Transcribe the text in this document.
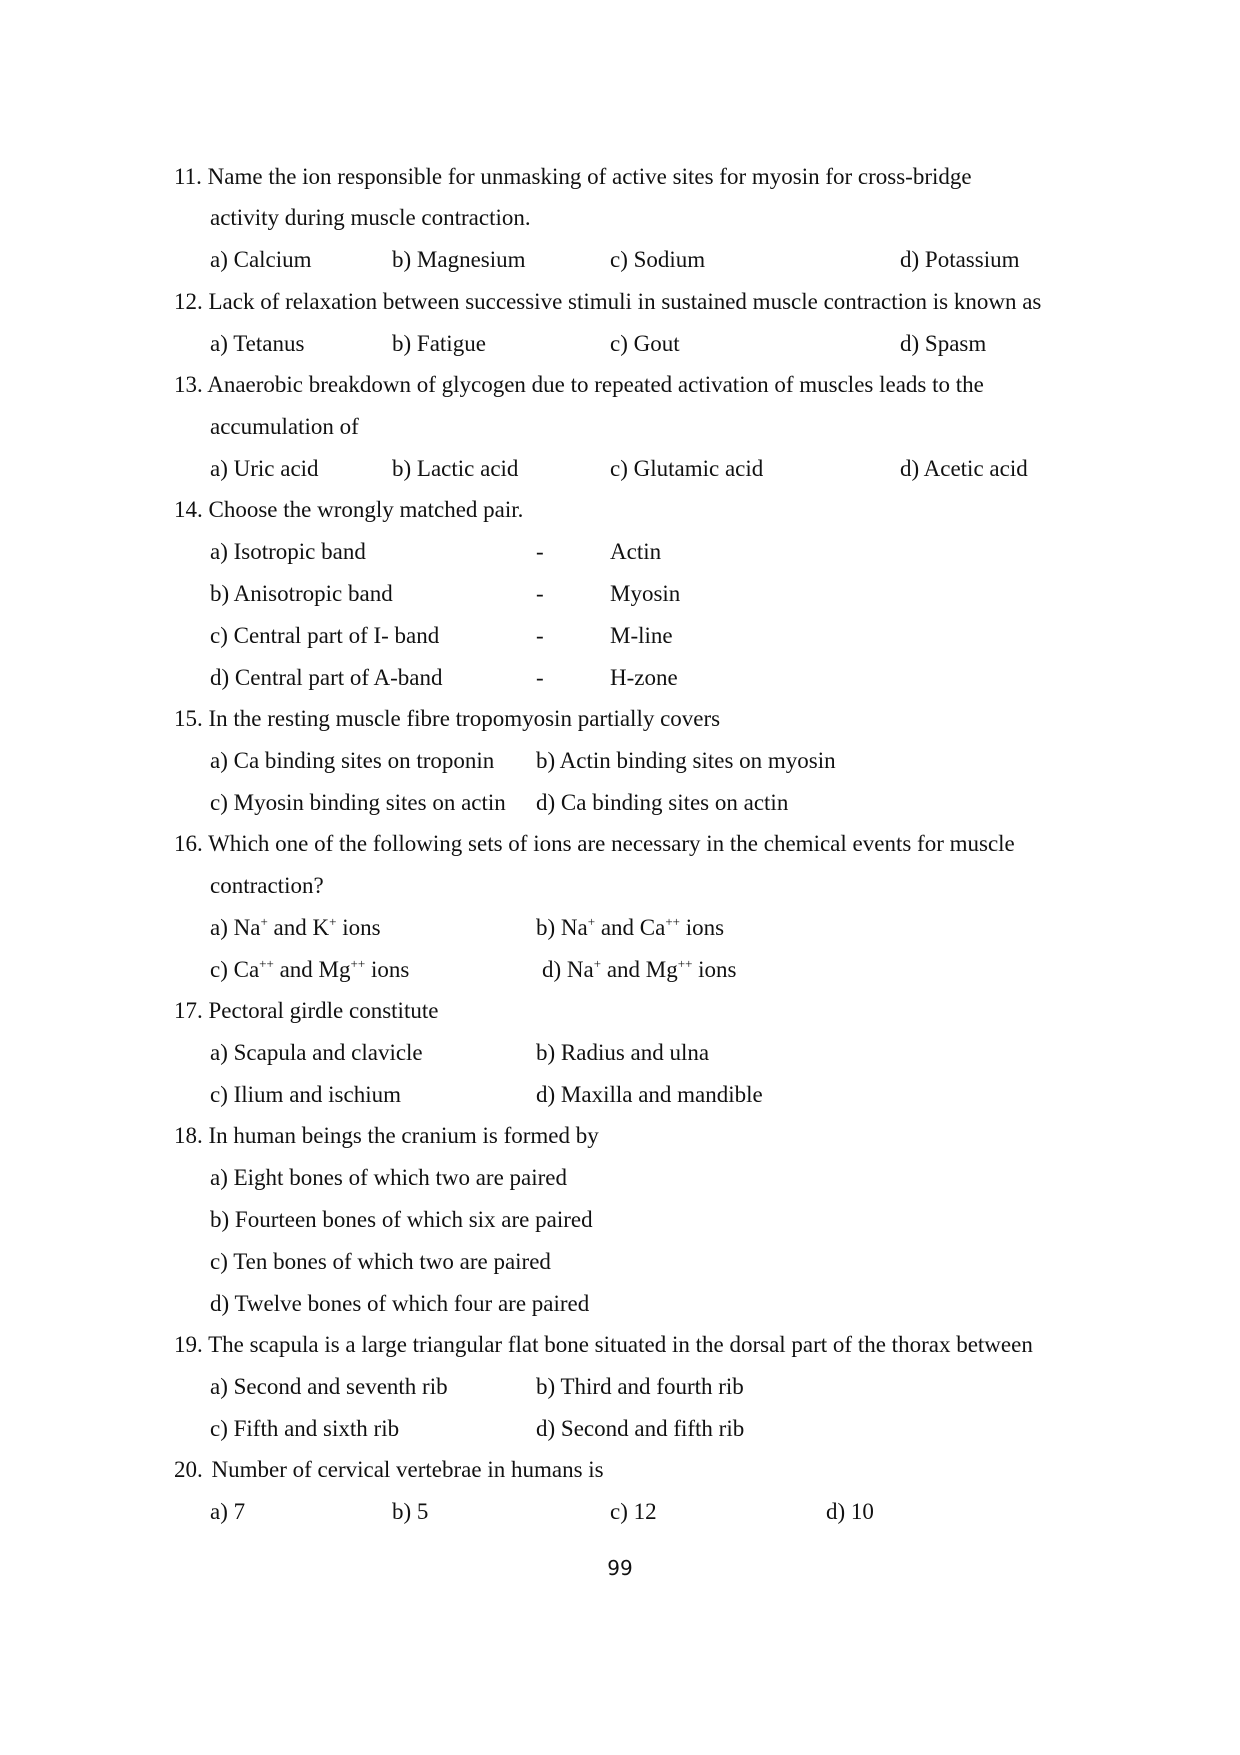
11. Name the ion responsible for unmasking of active sites for myosin for cross-bridge
activity during muscle contraction.
a) Calcium	b) Magnesium	c) Sodium	d) Potassium
12. Lack of relaxation between successive stimuli in sustained muscle contraction is known as
a) Tetanus	b) Fatigue	c) Gout	d) Spasm
13. Anaerobic breakdown of glycogen due to repeated activation of muscles leads to the
accumulation of
a) Uric acid	b) Lactic acid	c) Glutamic acid	d) Acetic acid
14. Choose the wrongly matched pair.
a) Isotropic band	-	Actin
b) Anisotropic band	-	Myosin
c) Central part of I- band	-	M-line
d) Central part of A-band	-	H-zone
15. In the resting muscle fibre tropomyosin partially covers
a) Ca binding sites on troponin b) Actin binding sites on myosin
c) Myosin binding sites on actin d) Ca binding sites on actin
16. Which one of the following sets of ions are necessary in the chemical events for muscle
contraction?
a) Na+ and K+ ions	b) Na+ and Ca++ ions
c) Ca++ and Mg++ ions	d) Na+ and Mg++ ions
17. Pectoral girdle constitute
a) Scapula and clavicle	b) Radius and ulna
c) Ilium and ischium	d) Maxilla and mandible
18. In human beings the cranium is formed by
a) Eight bones of which two are paired
b) Fourteen bones of which six are paired
c) Ten bones of which two are paired
d) Twelve bones of which four are paired
19. The scapula is a large triangular flat bone situated in the dorsal part of the thorax between
a) Second and seventh rib	b) Third and fourth rib
c) Fifth and sixth rib	d) Second and fifth rib
20. Number of cervical vertebrae in humans is
a) 7	b) 5	c) 12	d) 10
99
